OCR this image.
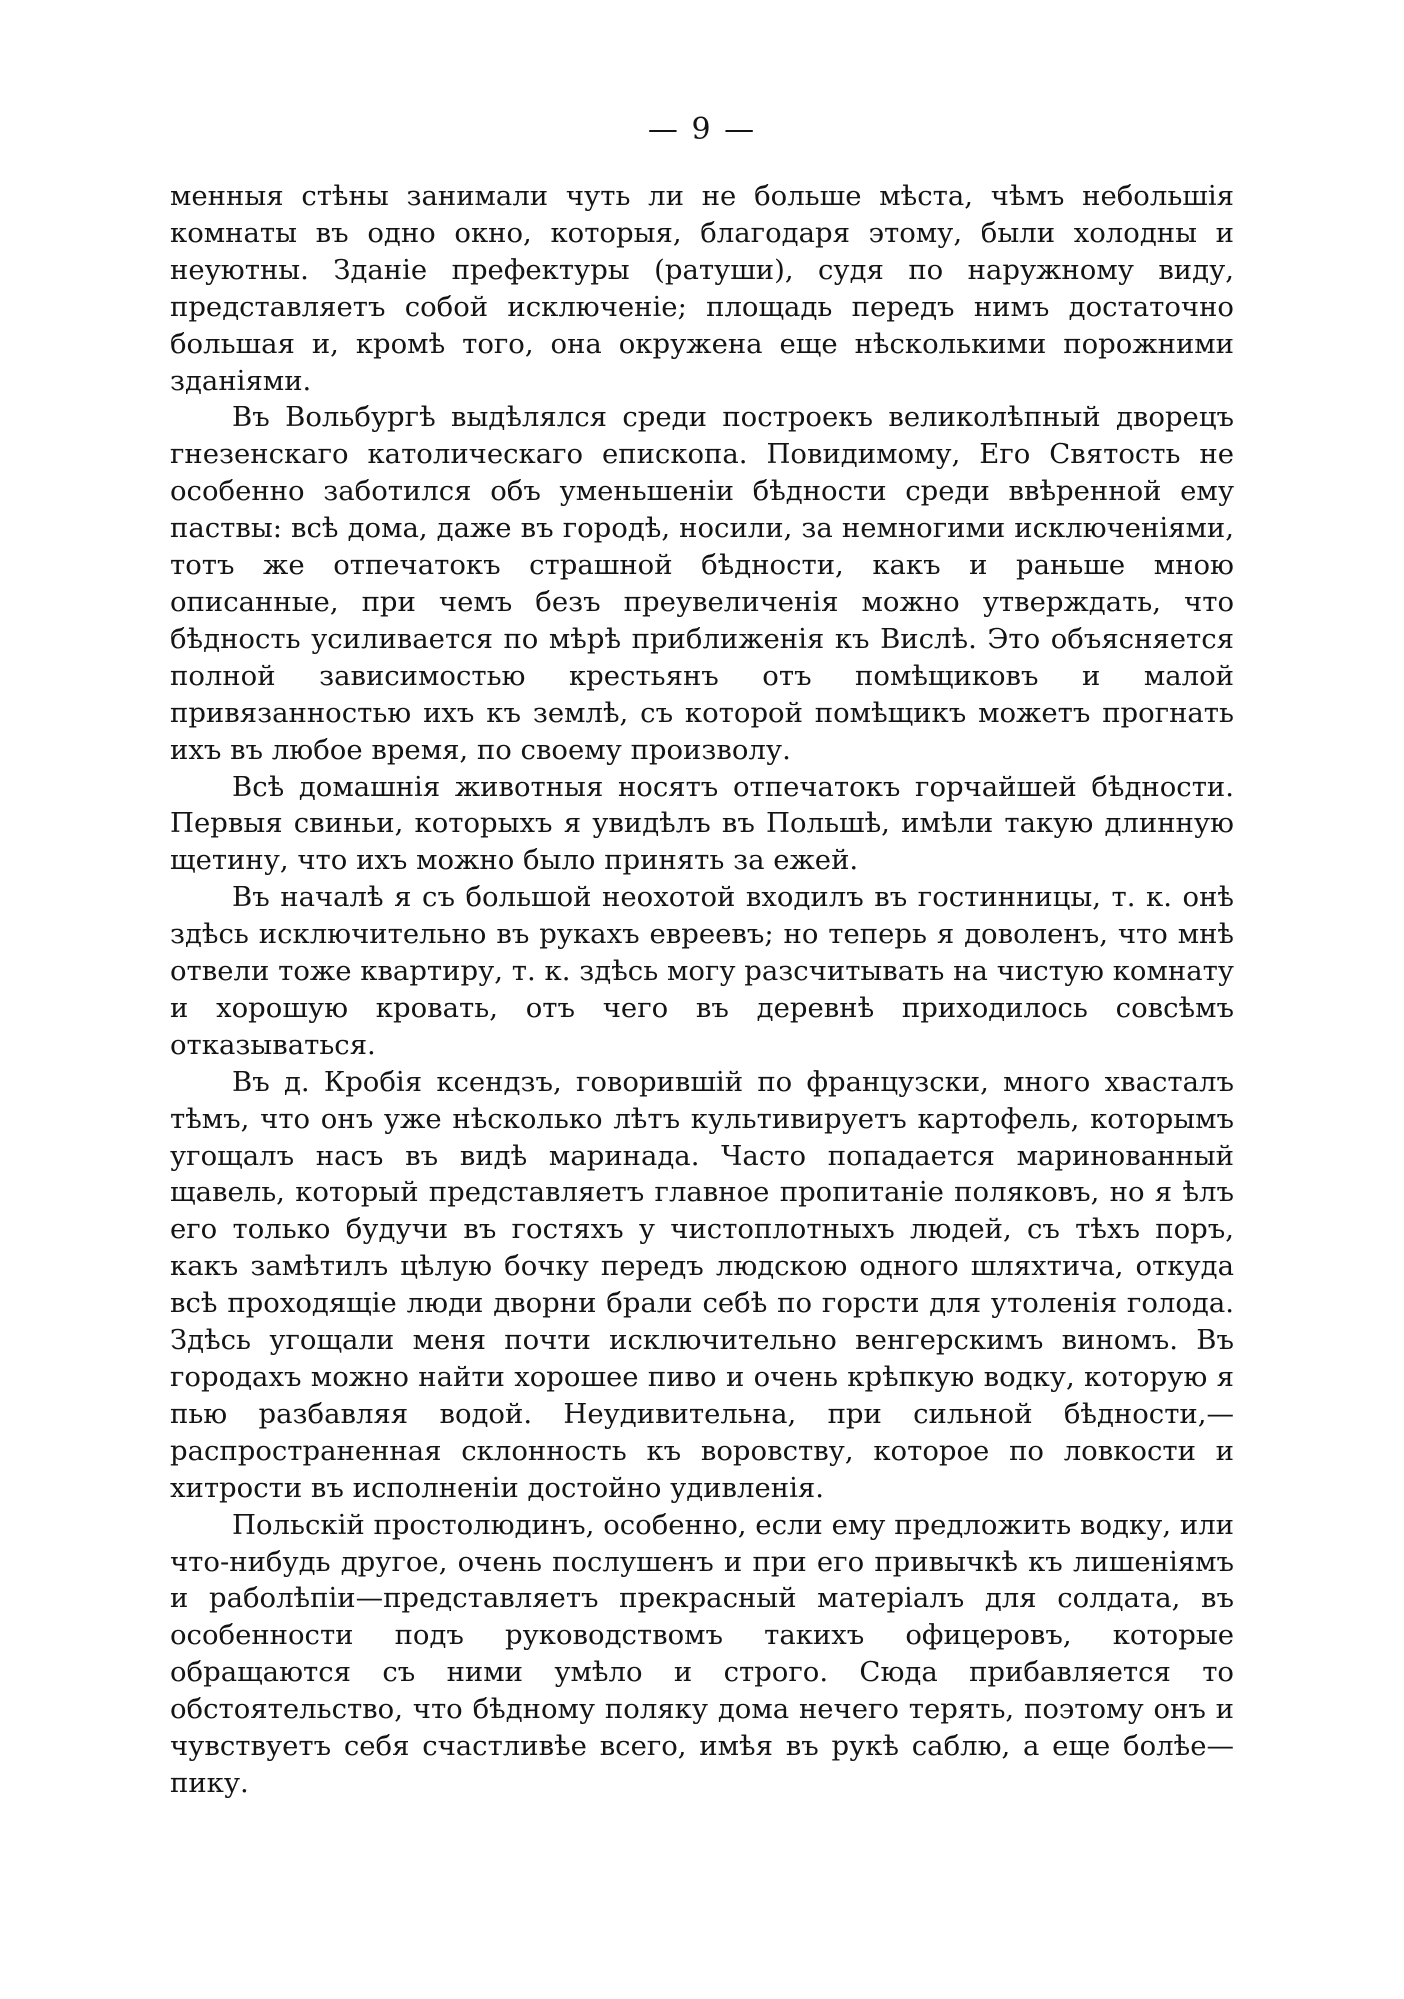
— 9 —

менныя стѣны занимали чуть ли не больше мѣста, чѣмъ небольшія комнаты въ одно окно, которыя, благодаря этому, были холодны и неуютны. Зданіе префектуры (ратуши), судя по наружному виду, представляетъ собой исключеніе; площадь передъ нимъ достаточно большая и, кромѣ того, она окружена еще нѣсколькими порожними зданіями.

Въ Вольбургѣ выдѣлялся среди построекъ великолѣпный дворецъ гнезенскаго католическаго епископа. Повидимому, Его Святость не особенно заботился объ уменьшеніи бѣдности среди ввѣренной ему паствы: всѣ дома, даже въ городѣ, носили, за немногими исключеніями, тотъ же отпечатокъ страшной бѣдности, какъ и раньше мною описанные, при чемъ безъ преувеличенія можно утверждать, что бѣдность усиливается по мѣрѣ приближенія къ Вислѣ. Это объясняется полной зависимостью крестьянъ отъ помѣщиковъ и малой привязанностью ихъ къ землѣ, съ которой помѣщикъ можетъ прогнать ихъ въ любое время, по своему произволу.

Всѣ домашнія животныя носятъ отпечатокъ горчайшей бѣдности. Первыя свиньи, которыхъ я увидѣлъ въ Польшѣ, имѣли такую длинную щетину, что ихъ можно было принять за ежей.

Въ началѣ я съ большой неохотой входилъ въ гостинницы, т. к. онѣ здѣсь исключительно въ рукахъ евреевъ; но теперь я доволенъ, что мнѣ отвели тоже квартиру, т. к. здѣсь могу разсчитывать на чистую комнату и хорошую кровать, отъ чего въ деревнѣ приходилось совсѣмъ отказываться.

Въ д. Кробія ксендзъ, говорившій по французски, много хвасталъ тѣмъ, что онъ уже нѣсколько лѣтъ культивируетъ картофель, которымъ угощалъ насъ въ видѣ маринада. Часто попадается маринованный щавель, который представляетъ главное пропитаніе поляковъ, но я ѣлъ его только будучи въ гостяхъ у чистоплотныхъ людей, съ тѣхъ поръ, какъ замѣтилъ цѣлую бочку передъ людскою одного шляхтича, откуда всѣ проходящіе люди дворни брали себѣ по горсти для утоленія голода. Здѣсь угощали меня почти исключительно венгерскимъ виномъ. Въ городахъ можно найти хорошее пиво и очень крѣпкую водку, которую я пью разбавляя водой. Неудивительна, при сильной бѣдности,—распространенная склонность къ воровству, которое по ловкости и хитрости въ исполненіи достойно удивленія.

Польскій простолюдинъ, особенно, если ему предложить водку, или что-нибудь другое, очень послушенъ и при его привычкѣ къ лишеніямъ и раболѣпіи—представляетъ прекрасный матеріалъ для солдата, въ особенности подъ руководствомъ такихъ офицеровъ, которые обращаются съ ними умѣло и строго. Сюда прибавляется то обстоятельство, что бѣдному поляку дома нечего терять, поэтому онъ и чувствуетъ себя счастливѣе всего, имѣя въ рукѣ саблю, а еще болѣе—пику.
